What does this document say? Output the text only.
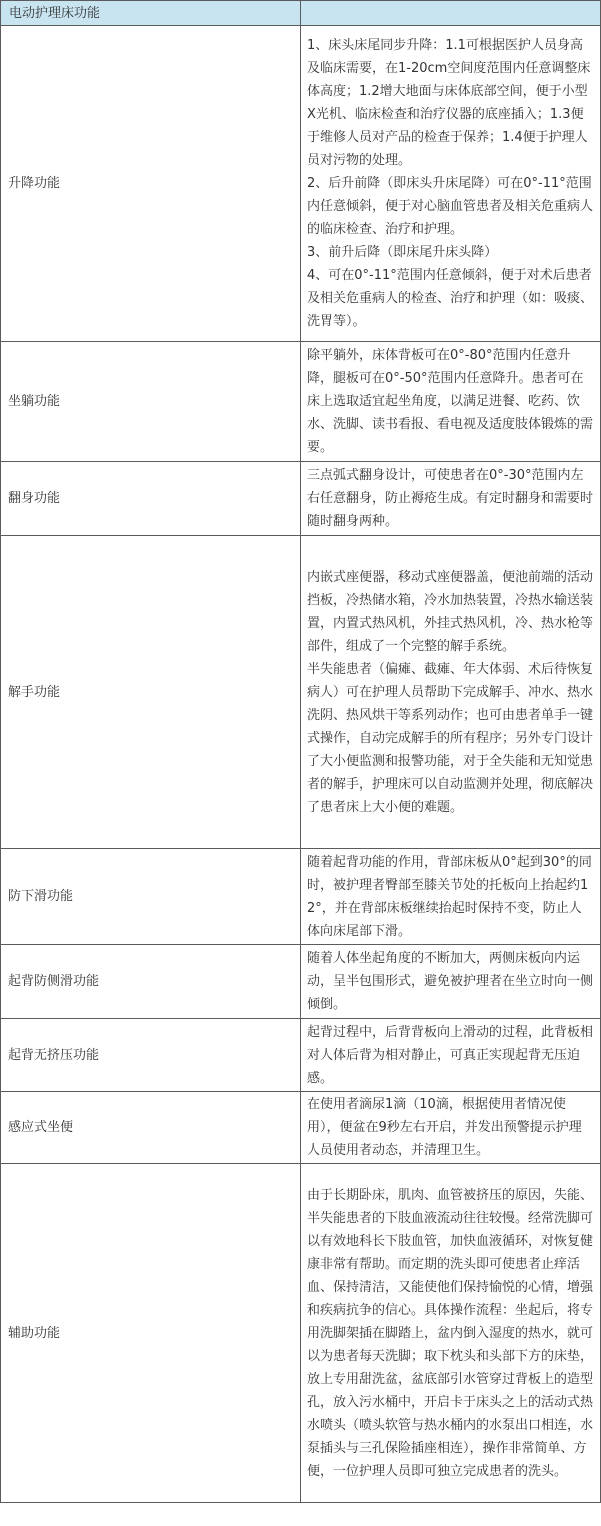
电动护理床功能	
升降功能	1、床头床尾同步升降：1.1可根据医护人员身高及临床需要，在1-20cm空间度范围内任意调整床体高度；1.2增大地面与床体底部空间，便于小型X光机、临床检查和治疗仪器的底座插入；1.3便于维修人员对产品的检查于保养；1.4便于护理人员对污物的处理。

2、后升前降（即床头升床尾降）可在0°-11°范围内任意倾斜，便于对心脑血管患者及相关危重病人的临床检查、治疗和护理。

3、前升后降（即床尾升床头降）

4、可在0°-11°范围内任意倾斜，便于对术后患者及相关危重病人的检查、治疗和护理（如：吸痰、洗胃等）。

坐躺功能	除平躺外，床体背板可在0°-80°范围内任意升降，腿板可在0°-50°范围内任意降升。患者可在床上选取适宜起坐角度，以满足进餐、吃药、饮水、洗脚、读书看报、看电视及适度肢体锻炼的需要。

翻身功能	三点弧式翻身设计，可使患者在0°-30°范围内左右任意翻身，防止褥疮生成。有定时翻身和需要时随时翻身两种。

解手功能	内嵌式座便器，移动式座便器盖，便池前端的活动挡板，冷热储水箱，冷水加热装置，冷热水输送装置，内置式热风机，外挂式热风机，冷、热水枪等部件，组成了一个完整的解手系统。

半失能患者（偏瘫、截瘫、年大体弱、术后待恢复病人）可在护理人员帮助下完成解手、冲水、热水洗阴、热风烘干等系列动作；也可由患者单手一键式操作，自动完成解手的所有程序；另外专门设计了大小便监测和报警功能，对于全失能和无知觉患者的解手，护理床可以自动监测并处理，彻底解决了患者床上大小便的难题。

防下滑功能	随着起背功能的作用，背部床板从0°起到30°的同时，被护理者臀部至膝关节处的托板向上抬起约12°，并在背部床板继续抬起时保持不变，防止人体向床尾部下滑。

起背防侧滑功能	随着人体坐起角度的不断加大，两侧床板向内运动，呈半包围形式，避免被护理者在坐立时向一侧倾倒。

起背无挤压功能	起背过程中，后背背板向上滑动的过程，此背板相对人体后背为相对静止，可真正实现起背无压迫感。

感应式坐便	在使用者滴尿1滴（10滴，根据使用者情况使用），便盆在9秒左右开启，并发出预警提示护理人员使用者动态，并清理卫生。

辅助功能	由于长期卧床，肌肉、血管被挤压的原因，失能、半失能患者的下肢血液流动往往较慢。经常洗脚可以有效地科长下肢血管，加快血液循环，对恢复健康非常有帮助。而定期的洗头即可使患者止痒活血、保持清洁，又能使他们保持愉悦的心情，增强和疾病抗争的信心。具体操作流程：坐起后，将专用洗脚架插在脚踏上，盆内倒入湿度的热水，就可以为患者每天洗脚；取下枕头和头部下方的床垫，放上专用甜洗盆，盆底部引水管穿过背板上的造型孔，放入污水桶中，开启卡于床头之上的活动式热水喷头（喷头软管与热水桶内的水泵出口相连，水泵插头与三孔保险插座相连），操作非常简单、方便，一位护理人员即可独立完成患者的洗头。
